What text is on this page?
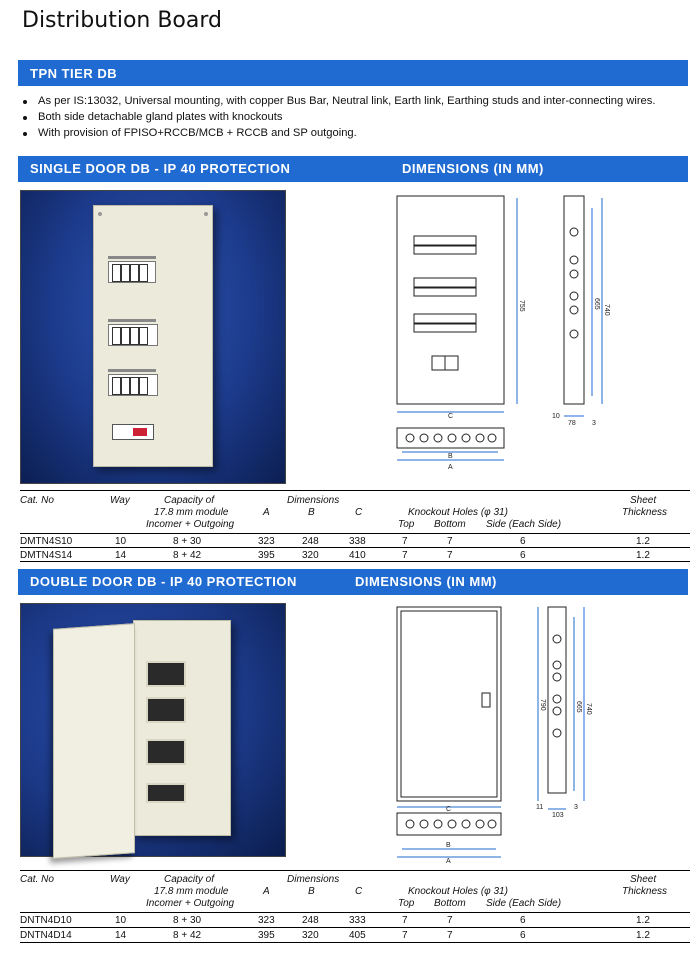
Distribution Board
TPN TIER DB
As per IS:13032, Universal mounting, with copper Bus Bar, Neutral link, Earth link, Earthing studs and inter-connecting wires.
Both side detachable gland plates with knockouts
With provision of FPISO+RCCB/MCB + RCCB and SP outgoing.
SINGLE DOOR DB - IP 40 PROTECTION	DIMENSIONS (IN MM)
755	665
740
C
B
A
10
78 3
Cat. No	Way	Capacity of
17.8 mm module
Incomer + Outgoing
Dimensions
A	B	C	Knockout Holes (φ 31)
Top Bottom Side (Each Side)
Sheet
Thickness
DMTN4S10	10	8 + 30	323	248	338	7	7	6	1.2
DMTN4S14	14	8 + 42	395	320	410	7	7	6	1.2
DOUBLE DOOR DB - IP 40 PROTECTION	DIMENSIONS (IN MM)
790	665 740
C
B
A
11
103
3
Cat. No	Way	Capacity of
17.8 mm module
Incomer + Outgoing
Dimensions
A	B	C	Knockout Holes (φ 31)
Top Bottom Side (Each Side)
Sheet
Thickness
DNTN4D10	10	8 + 30	323	248	333	7	7	6	1.2
DNTN4D14	14	8 + 42	395	320	405	7	7	6	1.2
